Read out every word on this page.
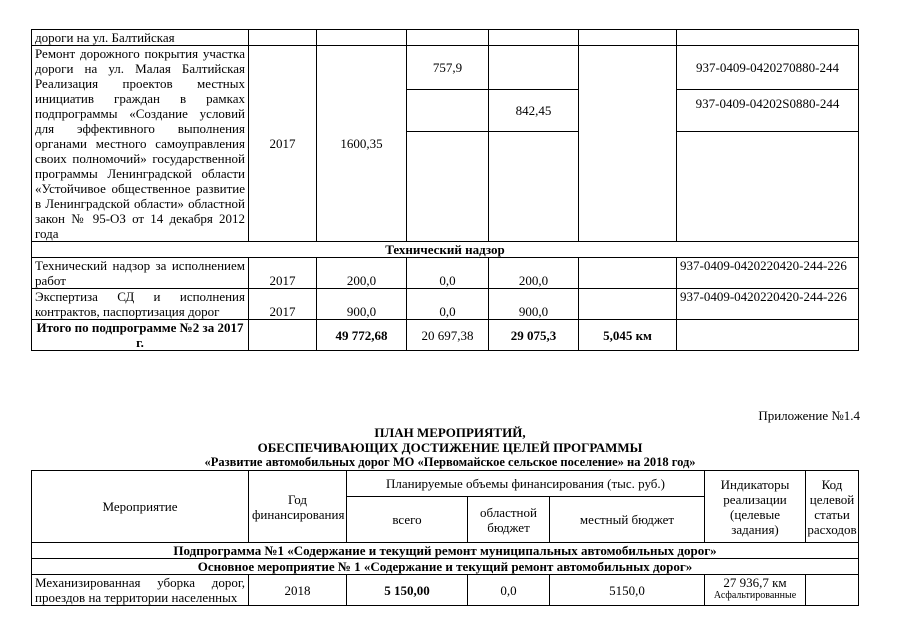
дороги на ул. Балтийская						
Ремонт дорожного покрытия участка дороги на ул. Малая Балтийская Реализация проектов местных инициатив граждан в рамках подпрограммы «Создание условий для эффективного выполнения органами местного самоуправления своих полномочий» государственной программы Ленинградской области «Устойчивое общественное развитие в Ленинградской области» областной закон № 95-ОЗ от 14 декабря 2012 года	2017	1600,35	757,9			937-0409-0420270880-244
				842,45		937-0409-04202S0880-244

Технический надзор						
Технический надзор за исполнением работ	2017	200,0	0,0	200,0		937-0409-0420220420-244-226
Экспертиза СД и исполнения контрактов, паспортизация дорог	2017	900,0	0,0	900,0		937-0409-0420220420-244-226
Итого по подпрограмме №2 за 2017 г.		49 772,68	20 697,38	29 075,3	5,045 км	
Приложение №1.4
ПЛАН МЕРОПРИЯТИЙ,
ОБЕСПЕЧИВАЮЩИХ ДОСТИЖЕНИЕ ЦЕЛЕЙ ПРОГРАММЫ
«Развитие автомобильных дорог МО «Первомайское сельское поселение» на 2018 год»
Мероприятие	Год финансирования	Планируемые объемы финансирования (тыс. руб.)			Индикаторы реализации (целевые задания)	Код целевой статьи расходов
		всего	областной бюджет	местный бюджет		
Подпрограмма №1 «Содержание и текущий ремонт муниципальных автомобильных дорог»						
Основное мероприятие № 1 «Содержание и текущий ремонт автомобильных дорог»						
Механизированная уборка дорог, проездов на территории населенных	2018	5 150,00	0,0	5150,0	27 936,7 км
Асфальтированные	
